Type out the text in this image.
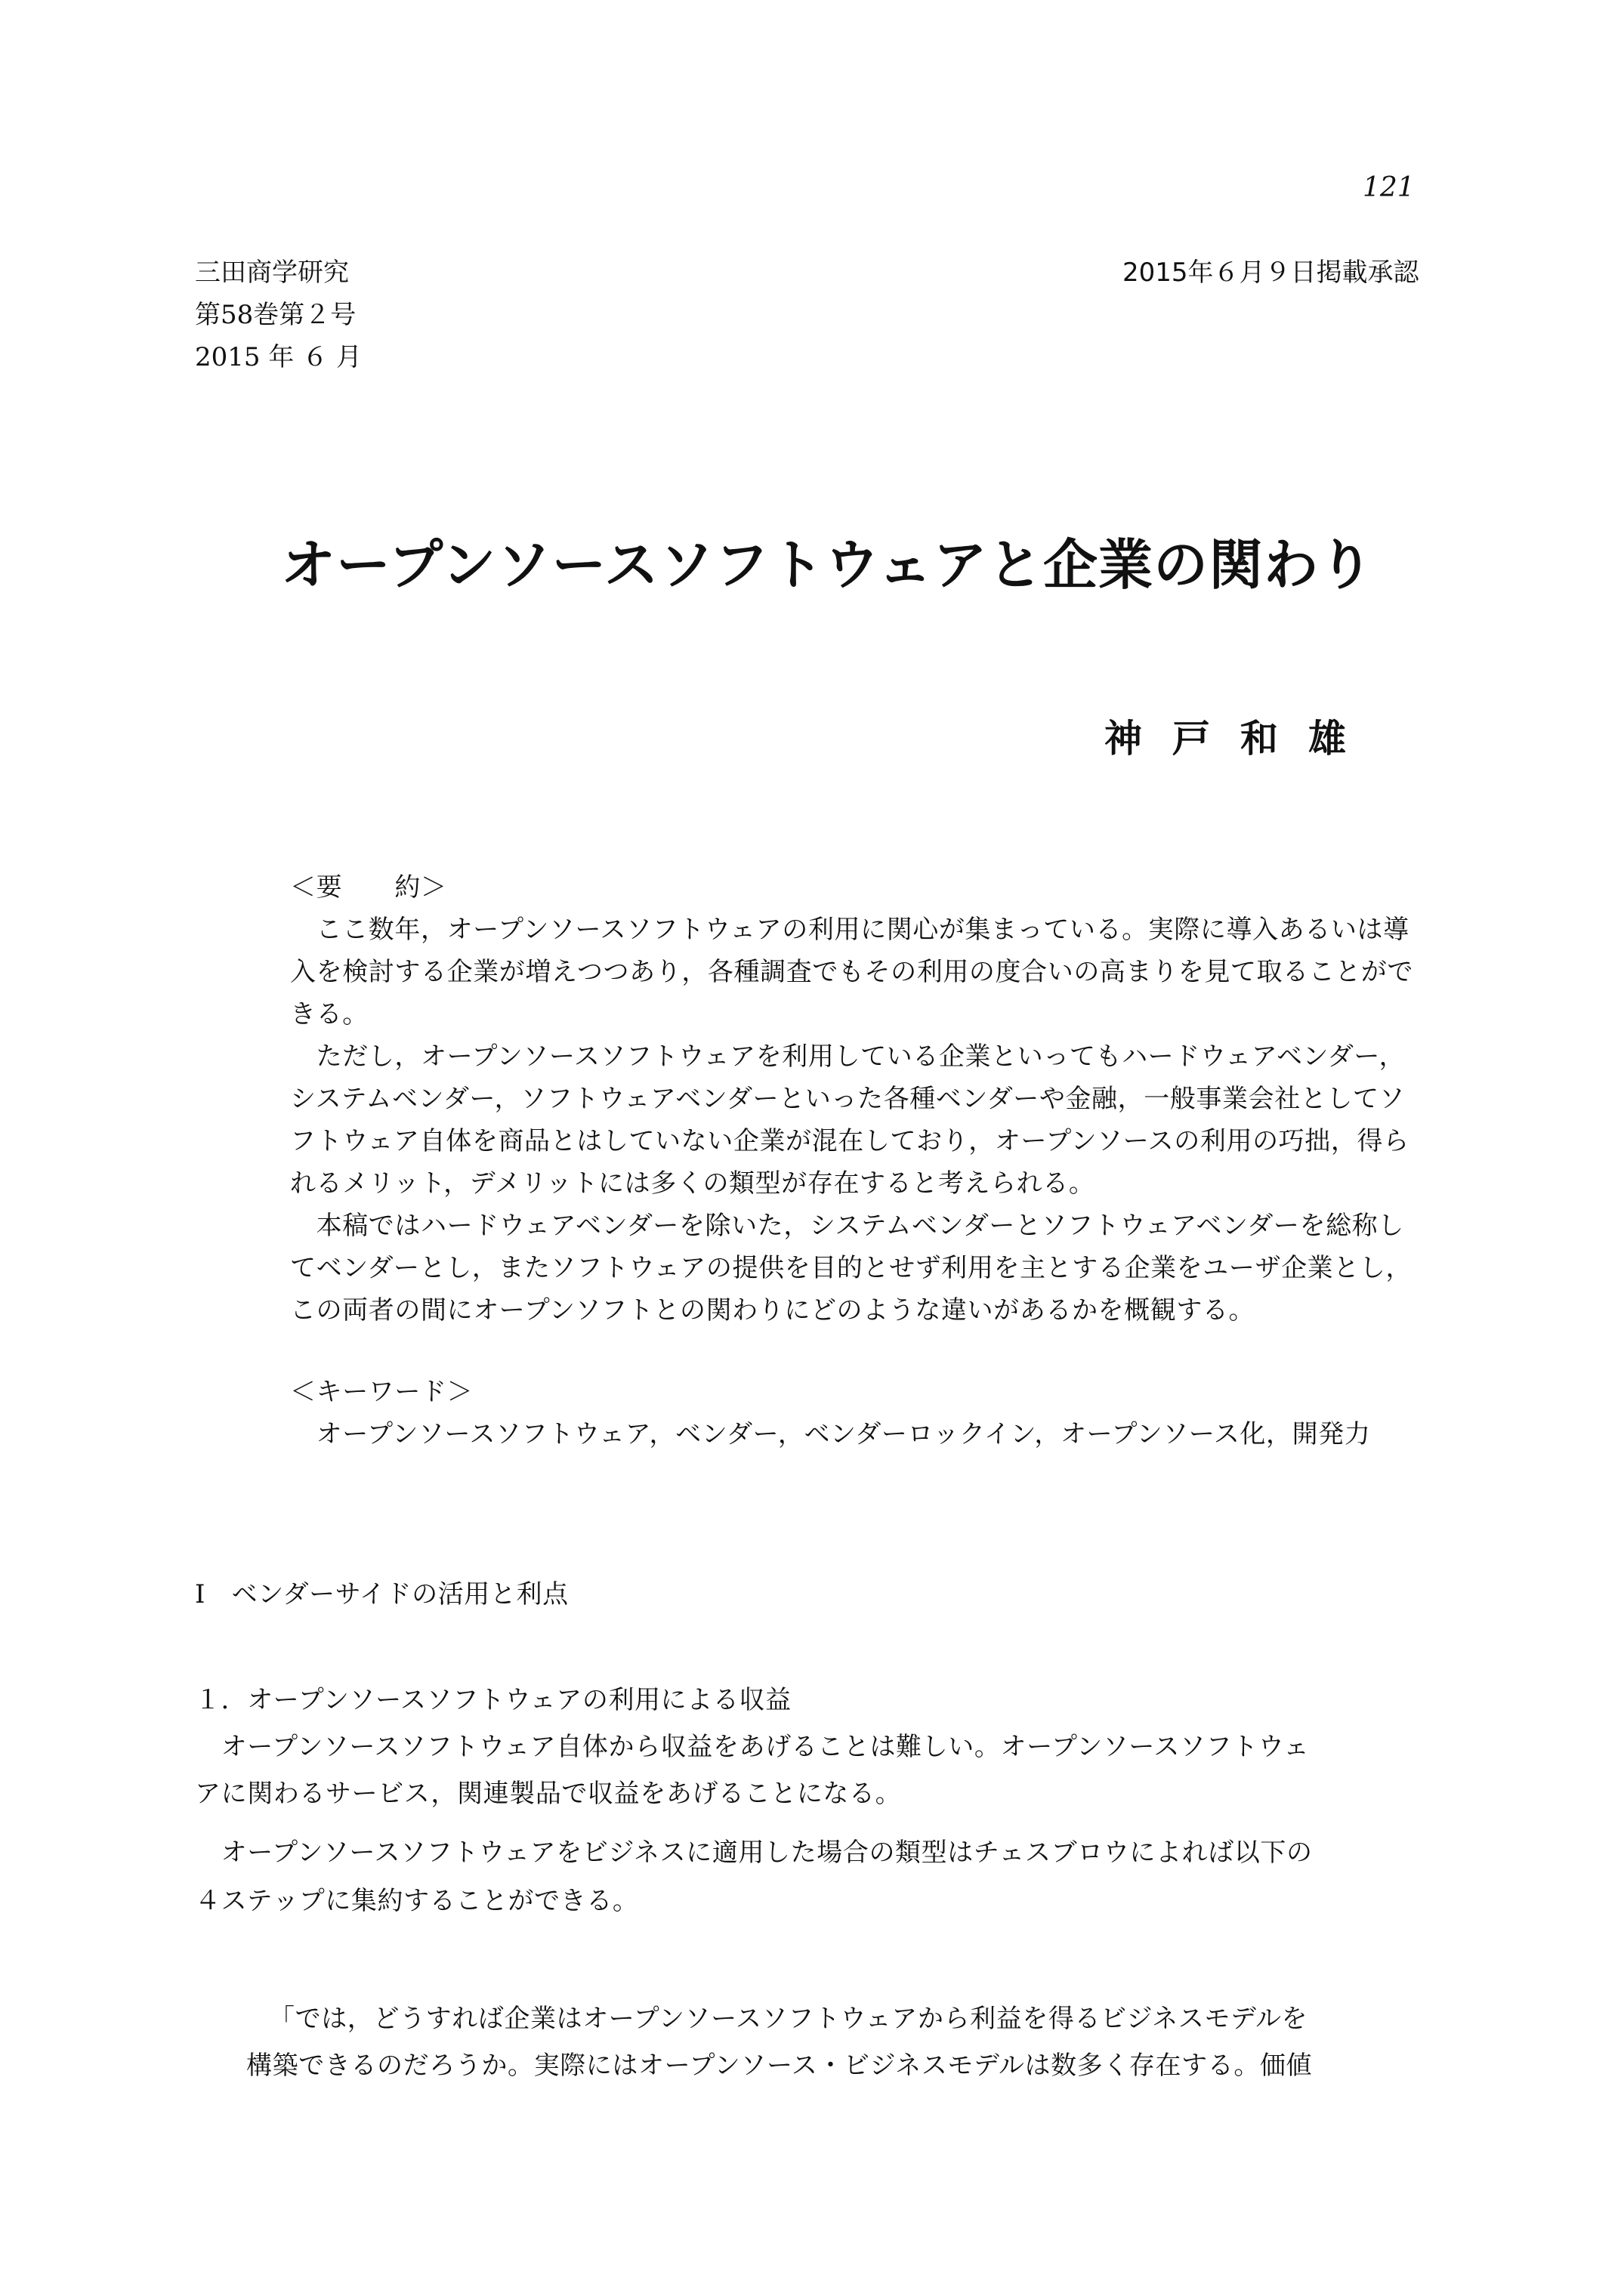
121
三田商学研究
第58巻第２号
2015 年 ６ 月
2015年６月９日掲載承認
オープンソースソフトウェアと企業の関わり
神戸和雄
＜要　　約＞
　ここ数年，オープンソースソフトウェアの利用に関心が集まっている。実際に導入あるいは導
入を検討する企業が増えつつあり，各種調査でもその利用の度合いの高まりを見て取ることがで
きる。
　ただし，オープンソースソフトウェアを利用している企業といってもハードウェアベンダー，
システムベンダー，ソフトウェアベンダーといった各種ベンダーや金融，一般事業会社としてソ
フトウェア自体を商品とはしていない企業が混在しており，オープンソースの利用の巧拙，得ら
れるメリット，デメリットには多くの類型が存在すると考えられる。
　本稿ではハードウェアベンダーを除いた，システムベンダーとソフトウェアベンダーを総称し
てベンダーとし，またソフトウェアの提供を目的とせず利用を主とする企業をユーザ企業とし，
この両者の間にオープンソフトとの関わりにどのような違いがあるかを概観する。
＜キーワード＞
　オープンソースソフトウェア，ベンダー，ベンダーロックイン，オープンソース化，開発力
Ⅰ　ベンダーサイドの活用と利点
１．オープンソースソフトウェアの利用による収益
　オープンソースソフトウェア自体から収益をあげることは難しい。オープンソースソフトウェ
アに関わるサービス，関連製品で収益をあげることになる。
　オープンソースソフトウェアをビジネスに適用した場合の類型はチェスブロウによれば以下の
４ステップに集約することができる。
「では，どうすれば企業はオープンソースソフトウェアから利益を得るビジネスモデルを
構築できるのだろうか。実際にはオープンソース・ビジネスモデルは数多く存在する。価値
